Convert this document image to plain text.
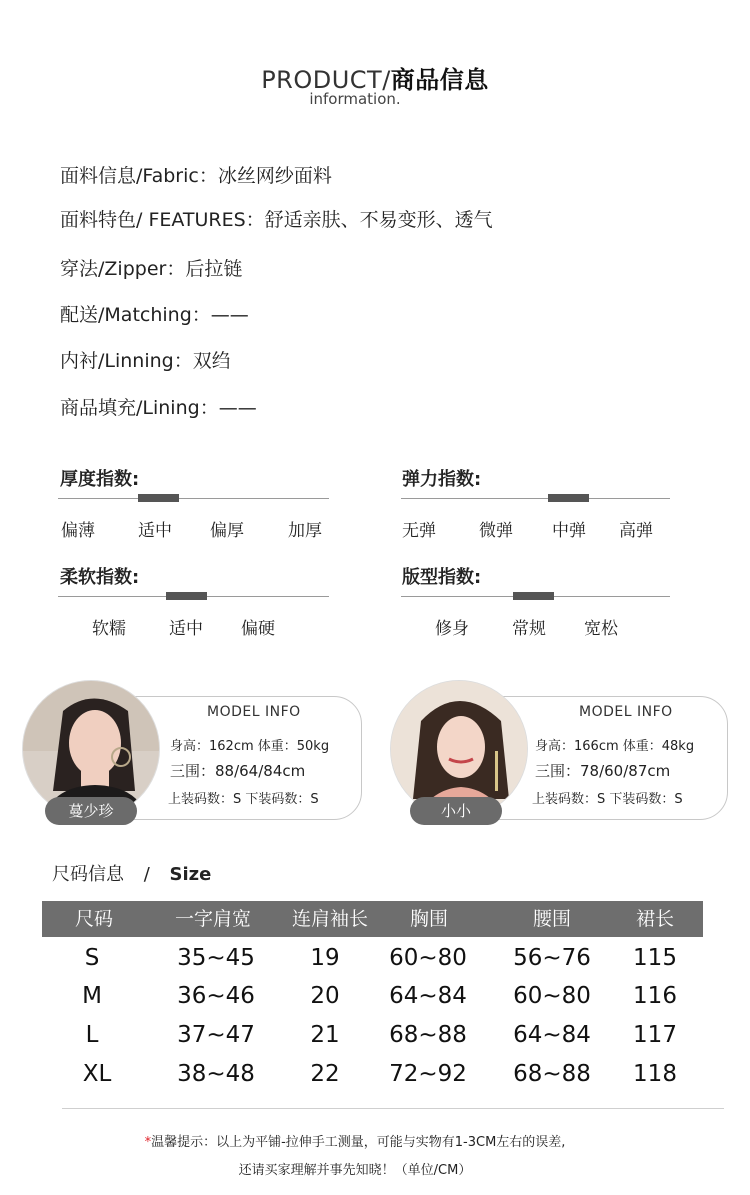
PRODUCT/商品信息
information.
面料信息/Fabric：冰丝网纱面料
面料特色/ FEATURES：舒适亲肤、不易变形、透气
穿法/Zipper：后拉链
配送/Matching：——
内衬/Linning：双绉
商品填充/Lining：——
厚度指数:
偏薄	适中 偏厚	加厚
弹力指数:
无弹	微弹 中弹 高弹
柔软指数:
软糯	适中 偏硬
版型指数:
修身	常规 宽松
蔓少珍
MODEL INFO
身高：162cm 体重：50kg
三围：88/64/84cm
上装码数：S 下装码数：S
小小
MODEL INFO
身高：166cm 体重：48kg
三围：78/60/87cm
上装码数：S 下装码数：S
尺码信息 / Size
尺码	一字肩宽	连肩袖长	胸围	腰围	裙长
S	35~45	19	60~80	56~76	115
M	36~46	20	64~84	60~80	116
L	37~47	21	68~88	64~84	117
XL	38~48	22	72~92	68~88	118
*温馨提示：以上为平铺-拉伸手工测量，可能与实物有1-3CM左右的误差,
还请买家理解并事先知晓！（单位/CM）
